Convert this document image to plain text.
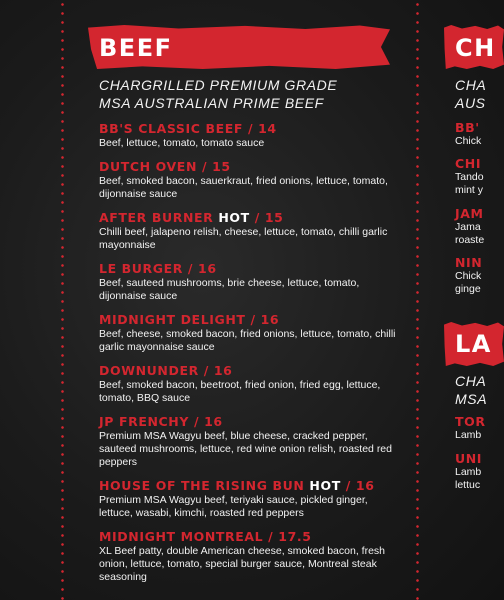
BEEF
CHARGRILLED PREMIUM GRADE
MSA AUSTRALIAN PRIME BEEF
BB'S CLASSIC BEEF / 14
Beef, lettuce, tomato, tomato sauce
DUTCH OVEN / 15
Beef, smoked bacon, sauerkraut, fried onions, lettuce, tomato, dijonnaise sauce
AFTER BURNER HOT / 15
Chilli beef, jalapeno relish, cheese, lettuce, tomato, chilli garlic mayonnaise
LE BURGER / 16
Beef, sauteed mushrooms, brie cheese, lettuce, tomato, dijonnaise sauce
MIDNIGHT DELIGHT / 16
Beef, cheese, smoked bacon, fried onions, lettuce, tomato, chilli garlic mayonnaise sauce
DOWNUNDER / 16
Beef, smoked bacon, beetroot, fried onion, fried egg, lettuce, tomato, BBQ sauce
JP FRENCHY / 16
Premium MSA Wagyu beef, blue cheese, cracked pepper, sauteed mushrooms, lettuce, red wine onion relish, roasted red peppers
HOUSE OF THE RISING BUN HOT / 16
Premium MSA Wagyu beef, teriyaki sauce, pickled ginger, lettuce, wasabi, kimchi, roasted red peppers
MIDNIGHT MONTREAL / 17.5
XL Beef patty, double American cheese, smoked bacon, fresh onion, lettuce, tomato, special burger sauce, Montreal steak seasoning
CH
CHA
AUS
BB'
Chick
CHI
Tando
mint y
JAM
Jama
roaste
NIN
Chick
ginge
LA
CHA
MSA
TOR
Lamb
UNI
Lamb
lettuc
